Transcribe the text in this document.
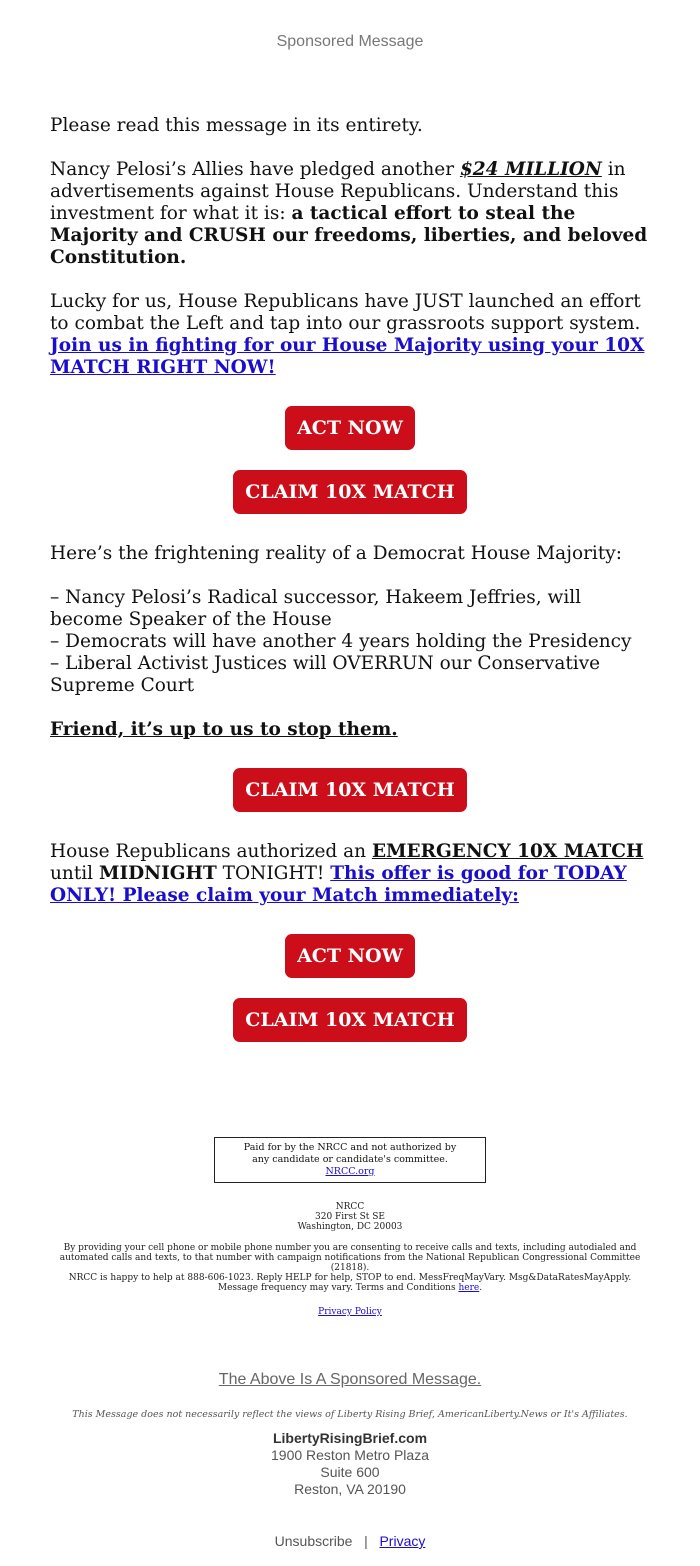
Sponsored Message
Please read this message in its entirety.
Nancy Pelosi’s Allies have pledged another $24 MILLION in advertisements against House Republicans. Understand this investment for what it is: a tactical effort to steal the Majority and CRUSH our freedoms, liberties, and beloved Constitution.
Lucky for us, House Republicans have JUST launched an effort to combat the Left and tap into our grassroots support system. Join us in fighting for our House Majority using your 10X MATCH RIGHT NOW!
ACT NOW
CLAIM 10X MATCH
Here’s the frightening reality of a Democrat House Majority:
– Nancy Pelosi’s Radical successor, Hakeem Jeffries, will become Speaker of the House
– Democrats will have another 4 years holding the Presidency
– Liberal Activist Justices will OVERRUN our Conservative Supreme Court
Friend, it’s up to us to stop them.
CLAIM 10X MATCH
House Republicans authorized an EMERGENCY 10X MATCH until MIDNIGHT TONIGHT! This offer is good for TODAY ONLY! Please claim your Match immediately:
ACT NOW
CLAIM 10X MATCH
Paid for by the NRCC and not authorized by any candidate or candidate's committee. NRCC.org
NRCC
320 First St SE
Washington, DC 20003
By providing your cell phone or mobile phone number you are consenting to receive calls and texts, including autodialed and automated calls and texts, to that number with campaign notifications from the National Republican Congressional Committee (21818).
NRCC is happy to help at 888-606-1023. Reply HELP for help, STOP to end. MessFreqMayVary. Msg&DataRatesMayApply. Message frequency may vary. Terms and Conditions here.
Privacy Policy
The Above Is A Sponsored Message.
This Message does not necessarily reflect the views of Liberty Rising Brief, AmericanLiberty.News or It's Affiliates.
LibertyRisingBrief.com
1900 Reston Metro Plaza
Suite 600
Reston, VA 20190
Unsubscribe | Privacy
